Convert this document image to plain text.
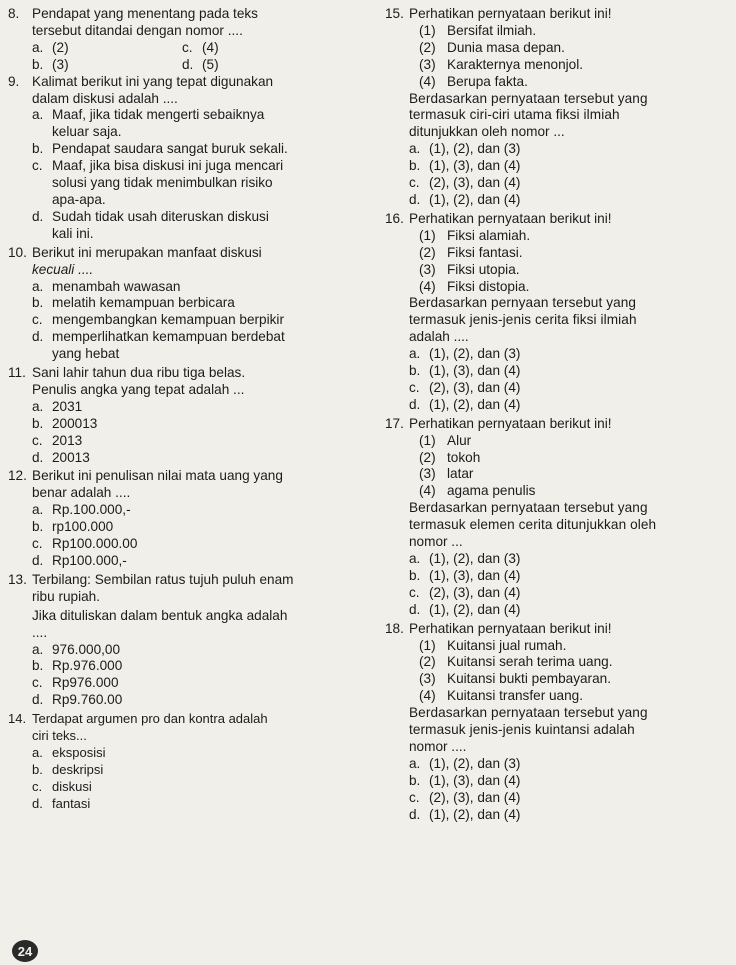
8. Pendapat yang menentang pada teks
tersebut ditandai dengan nomor ....
a. (2)	c. (4)
b. (3)	d. (5)
9. Kalimat berikut ini yang tepat digunakan
dalam diskusi adalah ....
a. Maaf, jika tidak mengerti sebaiknya
keluar saja.
b. Pendapat saudara sangat buruk sekali.
c. Maaf, jika bisa diskusi ini juga mencari
solusi yang tidak menimbulkan risiko
apa-apa.
d. Sudah tidak usah diteruskan diskusi
kali ini.
10. Berikut ini merupakan manfaat diskusi
kecuali ....
a. menambah wawasan
b. melatih kemampuan berbicara
c. mengembangkan kemampuan berpikir
d. memperlihatkan kemampuan berdebat
yang hebat
11. Sani lahir tahun dua ribu tiga belas.
Penulis angka yang tepat adalah ...
a. 2031
b. 200013
c. 2013
d. 20013
12. Berikut ini penulisan nilai mata uang yang
benar adalah ....
a. Rp.100.000,-
b. rp100.000
c. Rp100.000.00
d. Rp100.000,-
13. Terbilang: Sembilan ratus tujuh puluh enam
ribu rupiah.
Jika dituliskan dalam bentuk angka adalah
....
a. 976.000,00
b. Rp.976.000
c. Rp976.000
d. Rp9.760.00
14. Terdapat argumen pro dan kontra adalah
ciri teks...
a. eksposisi
b. deskripsi
c. diskusi
d. fantasi
24
15. Perhatikan pernyataan berikut ini!
(1) Bersifat ilmiah.
(2) Dunia masa depan.
(3) Karakternya menonjol.
(4) Berupa fakta.
Berdasarkan pernyataan tersebut yang
termasuk ciri-ciri utama fiksi ilmiah
ditunjukkan oleh nomor ...
a. (1), (2), dan (3)
b. (1), (3), dan (4)
c. (2), (3), dan (4)
d. (1), (2), dan (4)
16. Perhatikan pernyataan berikut ini!
(1) Fiksi alamiah.
(2) Fiksi fantasi.
(3) Fiksi utopia.
(4) Fiksi distopia.
Berdasarkan pernyaan tersebut yang
termasuk jenis-jenis cerita fiksi ilmiah
adalah ....
a. (1), (2), dan (3)
b. (1), (3), dan (4)
c. (2), (3), dan (4)
d. (1), (2), dan (4)
17. Perhatikan pernyataan berikut ini!
(1) Alur
(2) tokoh
(3) latar
(4) agama penulis
Berdasarkan pernyataan tersebut yang
termasuk elemen cerita ditunjukkan oleh
nomor ...
a. (1), (2), dan (3)
b. (1), (3), dan (4)
c. (2), (3), dan (4)
d. (1), (2), dan (4)
18. Perhatikan pernyataan berikut ini!
(1) Kuitansi jual rumah.
(2) Kuitansi serah terima uang.
(3) Kuitansi bukti pembayaran.
(4) Kuitansi transfer uang.
Berdasarkan pernyataan tersebut yang
termasuk jenis-jenis kuintansi adalah
nomor ....
a. (1), (2), dan (3)
b. (1), (3), dan (4)
c. (2), (3), dan (4)
d. (1), (2), dan (4)
